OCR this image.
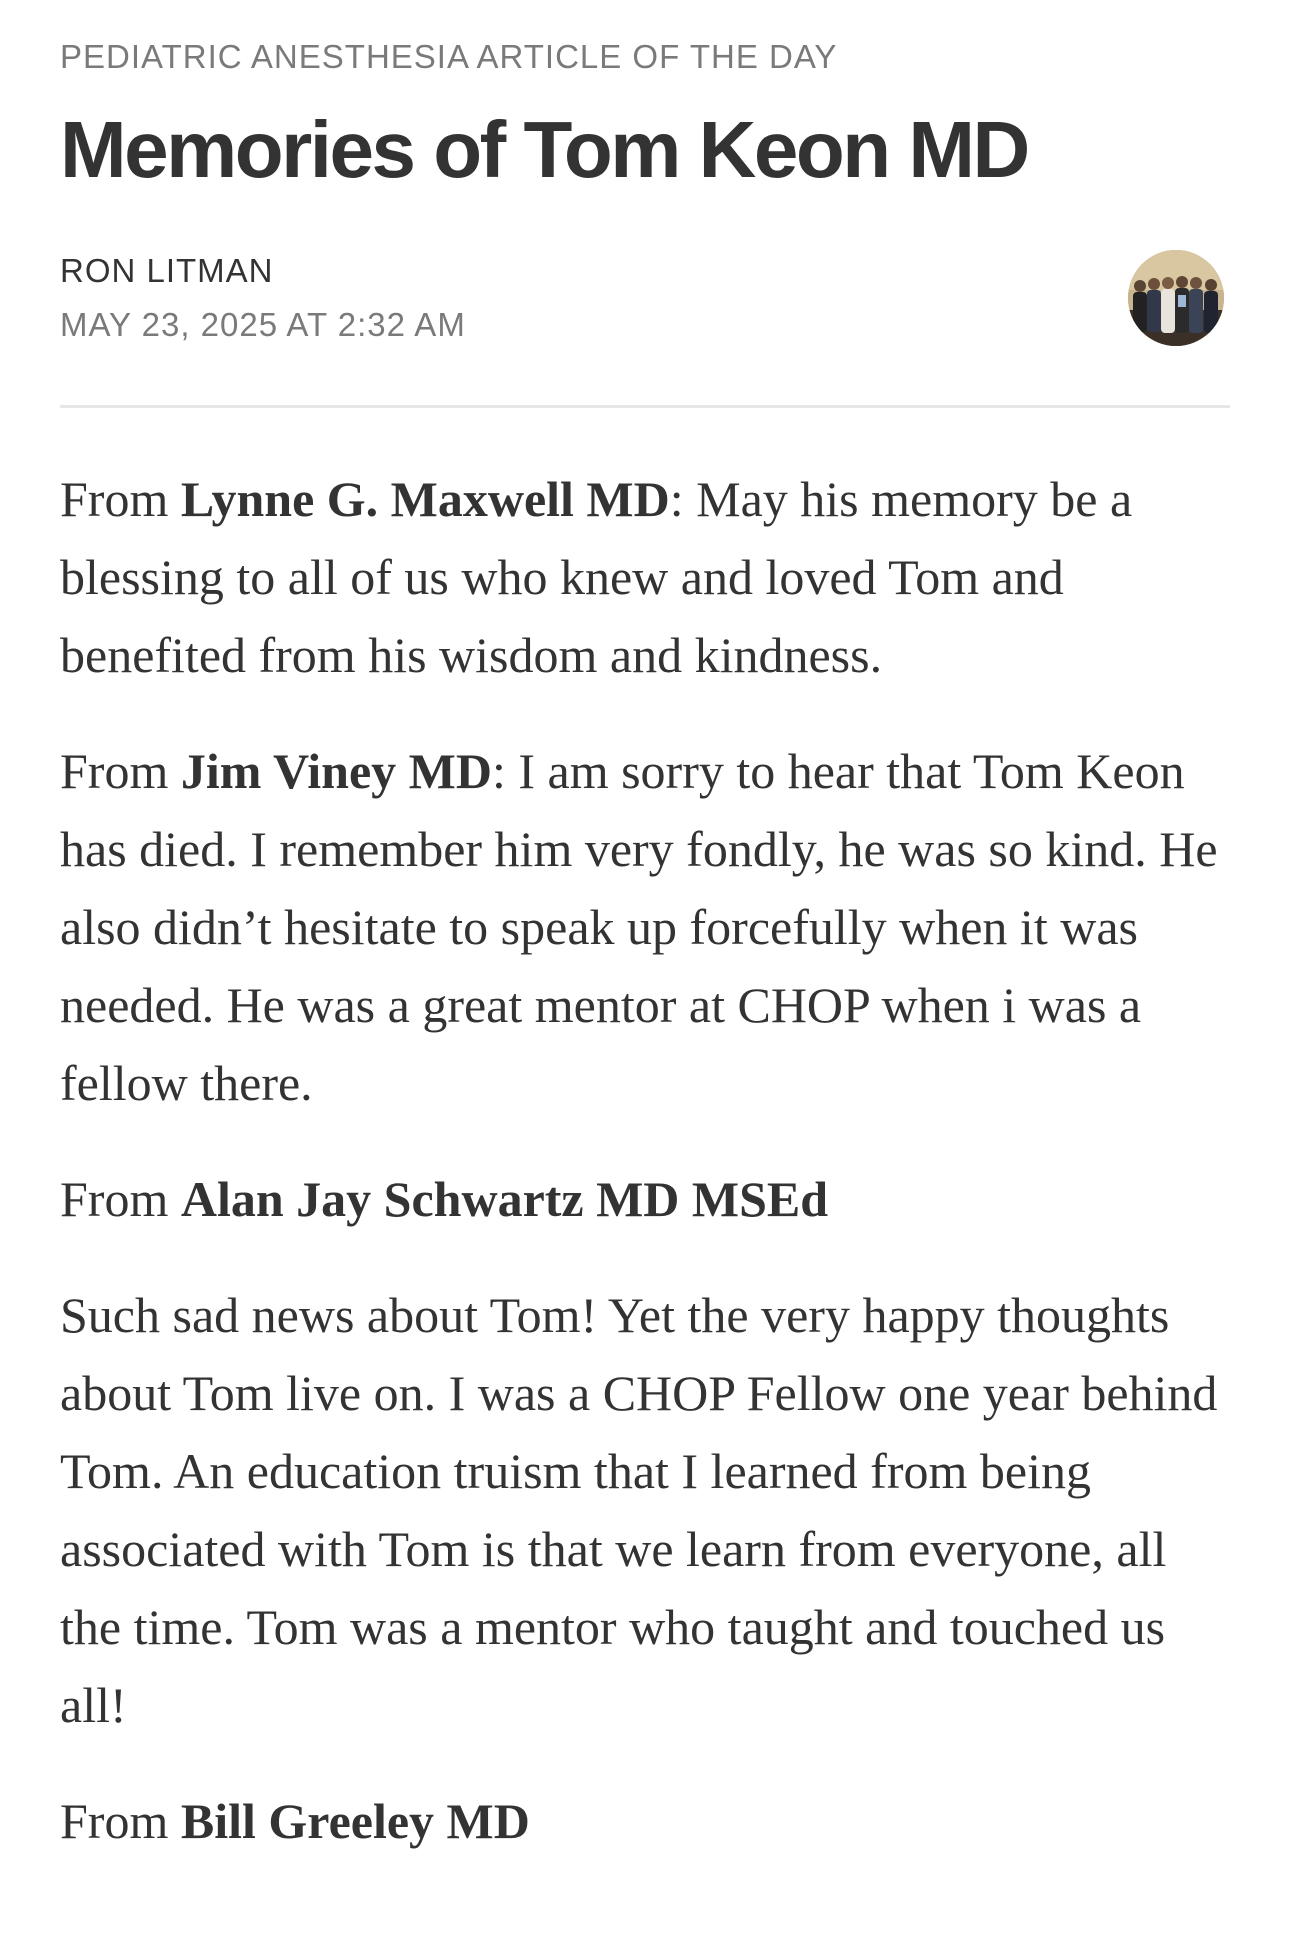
PEDIATRIC ANESTHESIA ARTICLE OF THE DAY
Memories of Tom Keon MD
RON LITMAN
MAY 23, 2025 AT 2:32 AM

From Lynne G. Maxwell MD: May his memory be a blessing to all of us who knew and loved Tom and benefited from his wisdom and kindness.

From Jim Viney MD: I am sorry to hear that Tom Keon has died. I remember him very fondly, he was so kind. He also didn’t hesitate to speak up forcefully when it was needed. He was a great mentor at CHOP when i was a fellow there.

From Alan Jay Schwartz MD MSEd

Such sad news about Tom! Yet the very happy thoughts about Tom live on. I was a CHOP Fellow one year behind Tom. An education truism that I learned from being associated with Tom is that we learn from everyone, all the time. Tom was a mentor who taught and touched us all!

From Bill Greeley MD
